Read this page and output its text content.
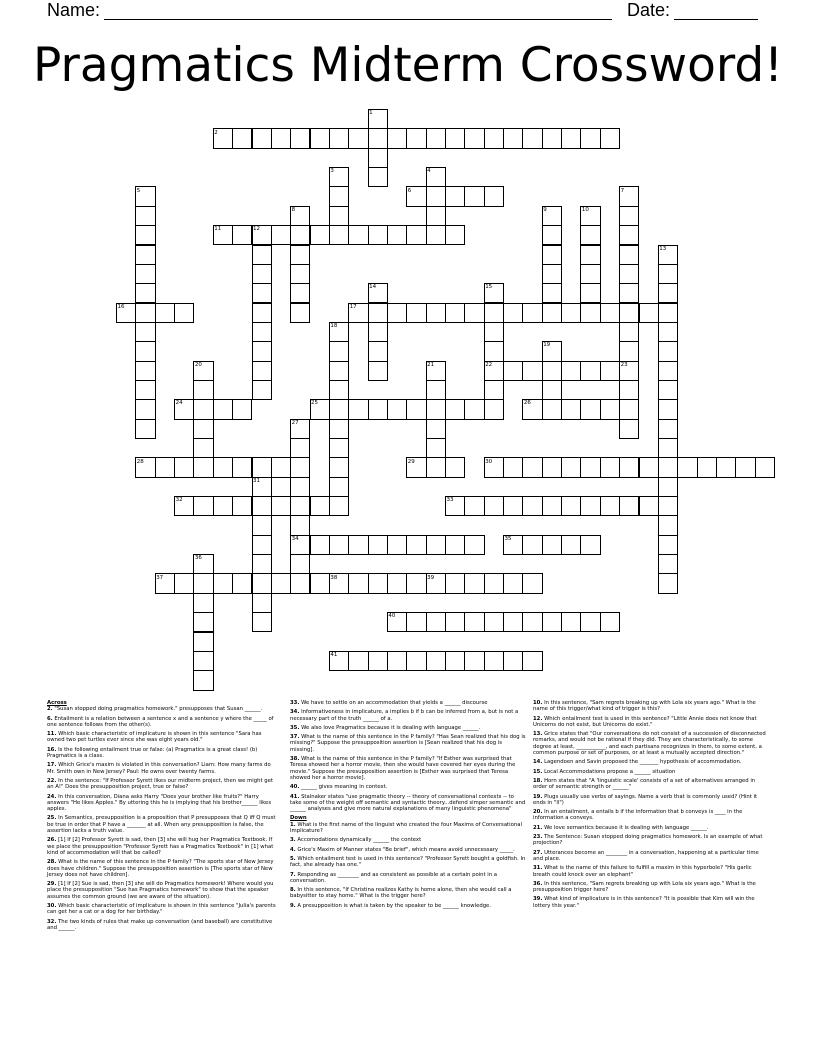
Name:	Date:
Pragmatics Midterm Crossword!
1
2
3	4
5	6	7
8	9	10
11	12
13
14	15
16	17
18
19
20	21	22	23
24	25	26
27
28	29	30
31
32	33
34	35
36
37	38	39
40
41

Across

2. "Susan stopped doing pragmatics homework." presupposes that Susan ______.

6. Entailment is a relation between a sentence x and a sentence y where the _____ of one sentence follows from the other(s).

11. Which basic characteristic of implicature is shown in this sentence "Sara has owned two pet turtles ever since she was eight years old."

16. Is the following entailment true or false: (a) Pragmatics is a great class! (b) Pragmatics is a class.

17. Which Grice's maxim is violated in this conversation? Liam: How many farms do Mr. Smith own in New Jersey? Paul: He owns over twenty farms.

22. In the sentence: "If Professor Syrett likes our midterm project, then we might get an A!" Does the presupposition project, true or false?

24. In this conversation, Diana asks Harry "Does your brother like fruits?" Harry answers "He likes Apples." By uttering this he is implying that his brother______ likes apples.

25. In Semantics, presupposition is a proposition that P presupposes that Q iff Q must be true in order that P have a _______ at all. When any presupposition is false, the assertion lacks a truth value.

26. [1] If [2] Professor Syrett is sad, then [3] she will hug her Pragmatics Textbook. If we place the presupposition "Professor Syrett has a Pragmatics Textbook" in [1] what kind of accommodation will that be called?

28. What is the name of this sentence in the P family? "The sports star of New Jersey does have children." Suppose the presupposition assertion is [The sports star of New Jersey does not have children].

29. [1] If [2] Sue is sad, then [3] she will do Pragmatics homework! Where would you place the presupposition "Sue has Pragmatics homework" to show that the speaker assumes the common ground (we are aware of the situation).

30. Which basic characteristic of implicature is shown in this sentence "Julia's parents can get her a cat or a dog for her birthday."

32. The two kinds of rules that make up conversation (and baseball) are constitutive and ______.

33. We have to settle on an accommodation that yields a ______ discourse

34. Informativeness in implicature, a implies b if b can be inferred from a, but is not a necessary part of the truth ______ of a.

35. We also love Pragmatics because it is dealing with language ______.

37. What is the name of this sentence in the P family? "Has Sean realized that his dog is missing?" Suppose the presupposition assertion is [Sean realized that his dog is missing].

38. What is the name of this sentence in the P family? "If Esther was surprised that Teresa showed her a horror movie, then she would have covered her eyes during the movie." Suppose the presupposition assertion is [Esther was surprised that Teresa showed her a horror movie].

40. ______ gives meaning in context.

41. Stalnaker states "use pragmatic theory -- theory of conversational contexts -- to take some of the weight off semantic and syntactic theory...defend simper semantic and ______ analyses and give more natural explanations of many linguistic phenomena"

Down

1. What is the first name of the linguist who created the four Maxims of Conversational Implicature?

3. Accomodations dynamically ______ the context

4. Grice's Maxim of Manner states "Be brief", which means avoid unnecessary _____.

5. Which entailment test is used in this sentence? "Professor Syrett bought a goldfish. In fact, she already has one."

7. Responding as ________ and as consistent as possible at a certain point in a conversation.

8. In this sentence, "If Christina realizes Kathy is home alone, then she would call a babysitter to stay home." What is the trigger here?

9. A presupposition is what is taken by the speaker to be ______ knowledge.

10. In this sentence, "Sam regrets breaking up with Lola six years ago." What is the name of this trigger/what kind of trigger is this?

12. Which entailment test is used in this sentence? "Little Annie does not know that Unicorns do not exist, but Unicorns do exist."

13. Grice states that "Our conversations do not consist of a succession of disconnected remarks, and would not be rational if they did. They are characteristically, to some degree at least, ___________, and each partisans recognizes in them, to some extent, a common purpose or set of purposes, or at least a mutually accepted direction."

14. Lagendoen and Savin proposed the _______ hypothesis of accommodation.

15. Local Accommodations propose a ______ situation

18. Horn states that "A 'linguistic scale' consists of a set of alternatives arranged in order of semantic strength or ______"

19. Plugs usually use verbs of sayings. Name a verb that is commonly used? (Hint it ends in "ll")

20. In an entailment, a entails b if the information that b conveys is ____ in the information a conveys.

21. We love semantics because it is dealing with language ______.

23. The Sentence: Susan stopped doing pragmatics homework. Is an example of what projection?

27. Utterances become an ________ in a conversation, happening at a particular time and place.

31. What is the name of this failure to fulfill a maxim in this hyperbole? "His garlic breath could knock over an elephant"

36. In this sentence, "Sam regrets breaking up with Lola six years ago." What is the presupposition trigger here?

39. What kind of implicature is in this sentence? "It is possible that Kim will win the lottery this year."
